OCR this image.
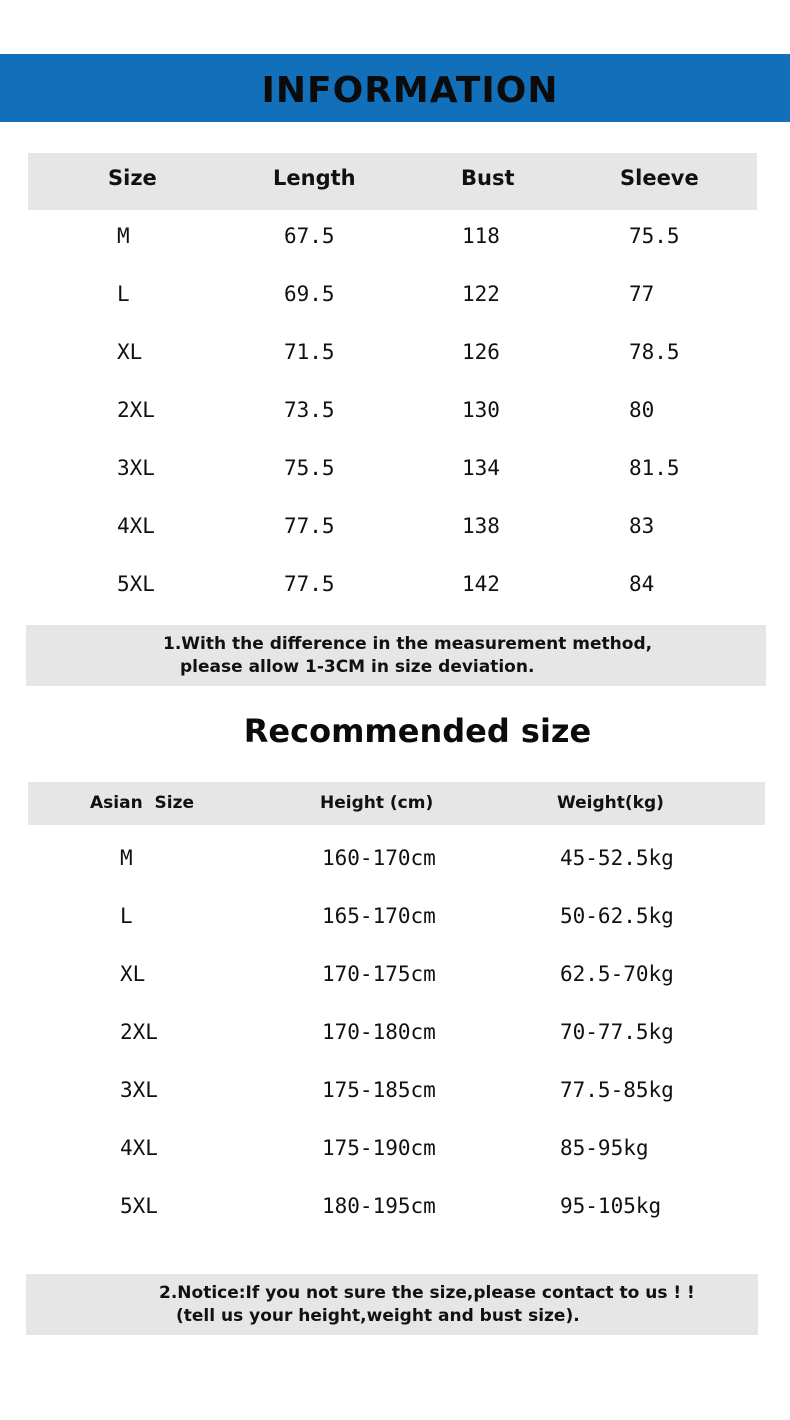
INFORMATION
Size	Length	Bust	Sleeve
M	67.5	118	75.5
L	69.5	122	77
XL	71.5	126	78.5
2XL	73.5	130	80
3XL	75.5	134	81.5
4XL	77.5	138	83
5XL	77.5	142	84
1.With the difference in the measurement method,
please allow 1-3CM in size deviation.
Recommended size
Asian  Size	Height (cm)	Weight(kg)
M	160-170cm	45-52.5kg
L	165-170cm	50-62.5kg
XL	170-175cm	62.5-70kg
2XL	170-180cm	70-77.5kg
3XL	175-185cm	77.5-85kg
4XL	175-190cm	85-95kg
5XL	180-195cm	95-105kg
2.Notice:If you not sure the size,please contact to us ! !
(tell us your height,weight and bust size).
